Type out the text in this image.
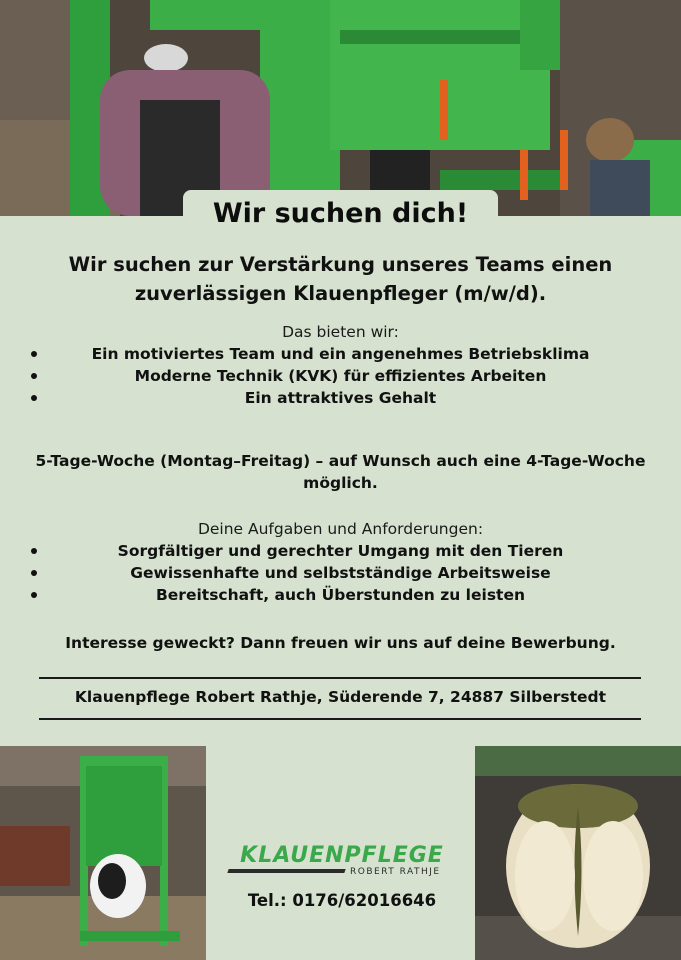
Wir suchen dich!
Wir suchen zur Verstärkung unseres Teams einen zuverlässigen Klauenpfleger (m/w/d).
Das bieten wir:
Ein motiviertes Team und ein angenehmes Betriebsklima
Moderne Technik (KVK) für effizientes Arbeiten
Ein attraktives Gehalt
5-Tage-Woche (Montag–Freitag) – auf Wunsch auch eine 4-Tage-Woche möglich.
Deine Aufgaben und Anforderungen:
Sorgfältiger und gerechter Umgang mit den Tieren
Gewissenhafte und selbstständige Arbeitsweise
Bereitschaft, auch Überstunden zu leisten
Interesse geweckt? Dann freuen wir uns auf deine Bewerbung.
Klauenpflege Robert Rathje, Süderende 7, 24887 Silberstedt
KLAUENPFLEGE
ROBERT RATHJE
Tel.: 0176/62016646
